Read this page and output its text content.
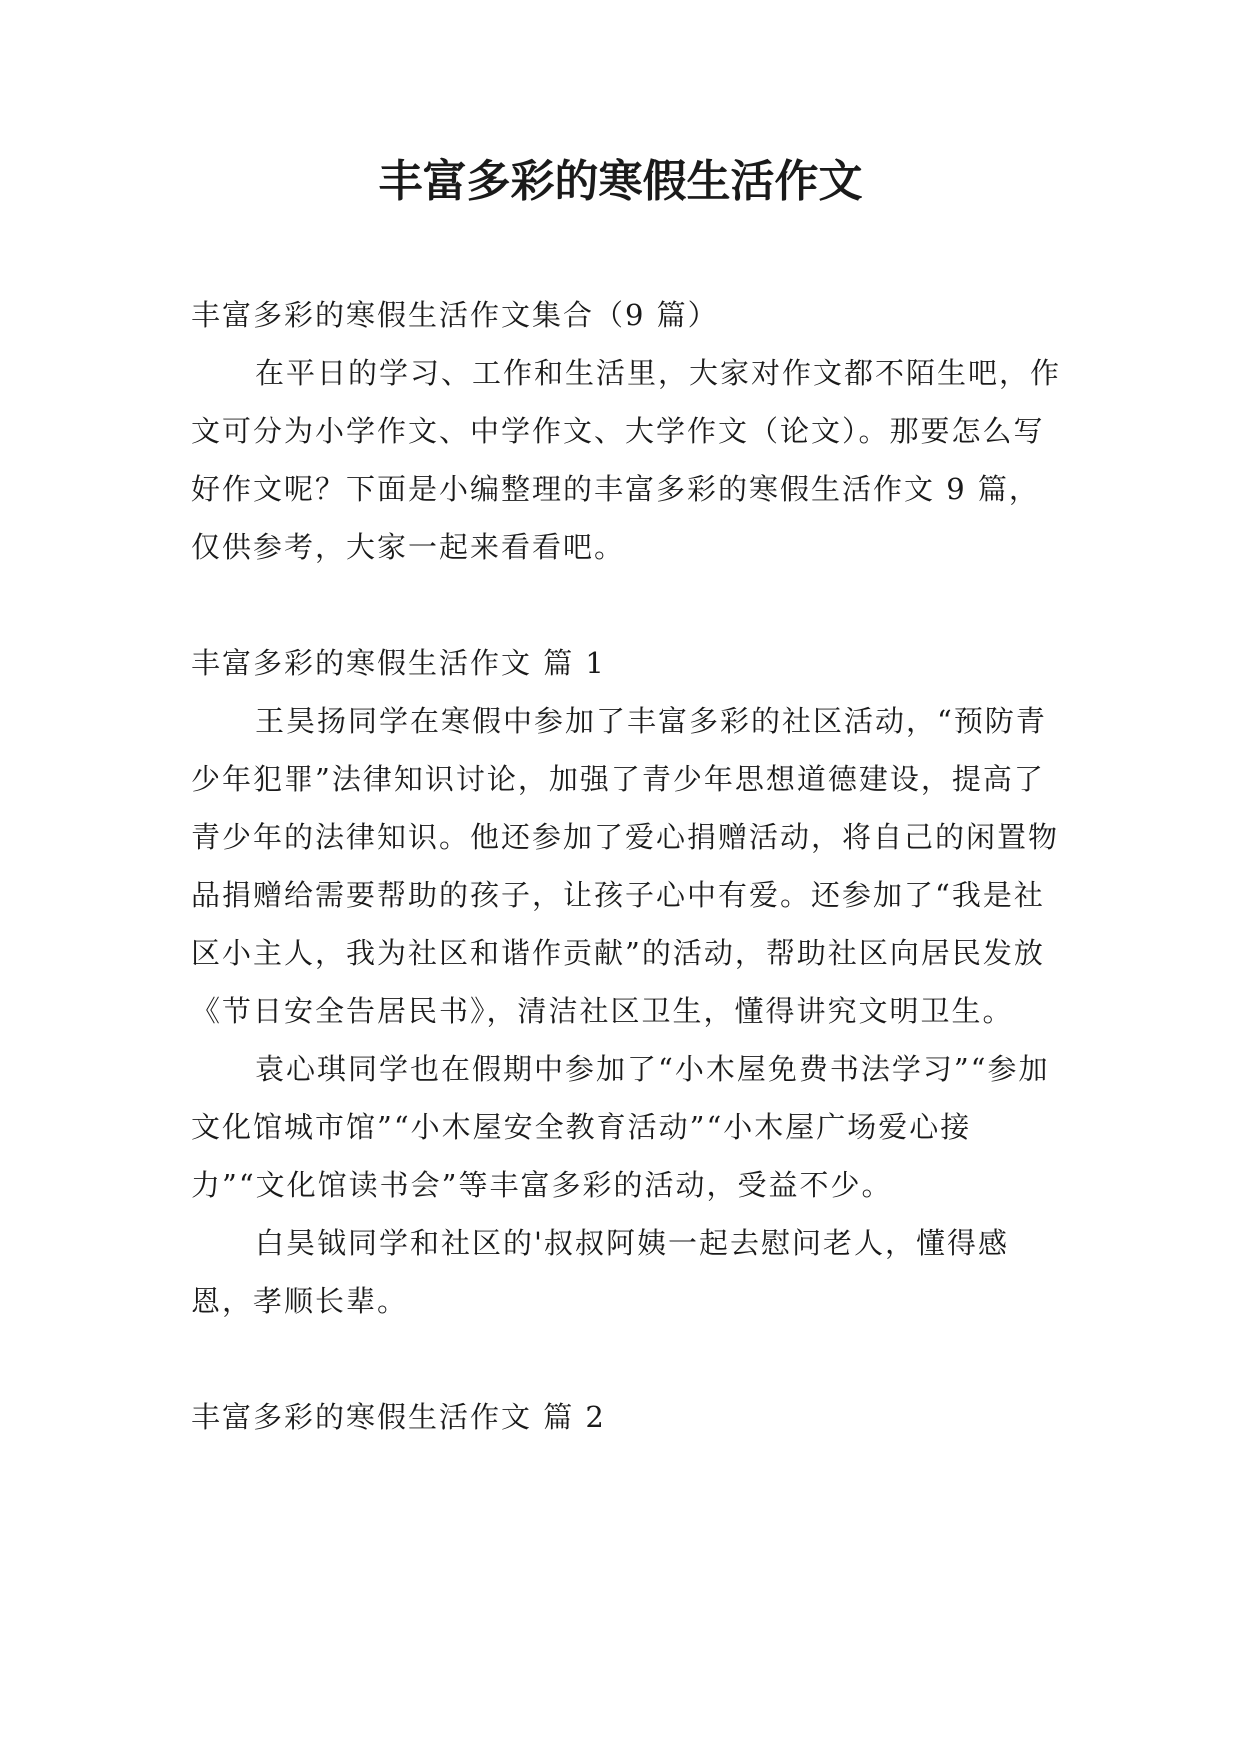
丰富多彩的寒假生活作文

丰富多彩的寒假生活作文集合（9 篇）

在平日的学习、工作和生活里，大家对作文都不陌生吧，作文可分为小学作文、中学作文、大学作文（论文）。那要怎么写好作文呢？下面是小编整理的丰富多彩的寒假生活作文 9 篇，仅供参考，大家一起来看看吧。

丰富多彩的寒假生活作文 篇 1

王昊扬同学在寒假中参加了丰富多彩的社区活动，“预防青少年犯罪”法律知识讨论，加强了青少年思想道德建设，提高了青少年的法律知识。他还参加了爱心捐赠活动，将自己的闲置物品捐赠给需要帮助的孩子，让孩子心中有爱。还参加了“我是社区小主人，我为社区和谐作贡献”的活动，帮助社区向居民发放《节日安全告居民书》，清洁社区卫生，懂得讲究文明卫生。

袁心琪同学也在假期中参加了“小木屋免费书法学习”“参加文化馆城市馆”“小木屋安全教育活动”“小木屋广场爱心接力”“文化馆读书会”等丰富多彩的活动，受益不少。

白昊钺同学和社区的'叔叔阿姨一起去慰问老人，懂得感恩，孝顺长辈。

丰富多彩的寒假生活作文 篇 2
